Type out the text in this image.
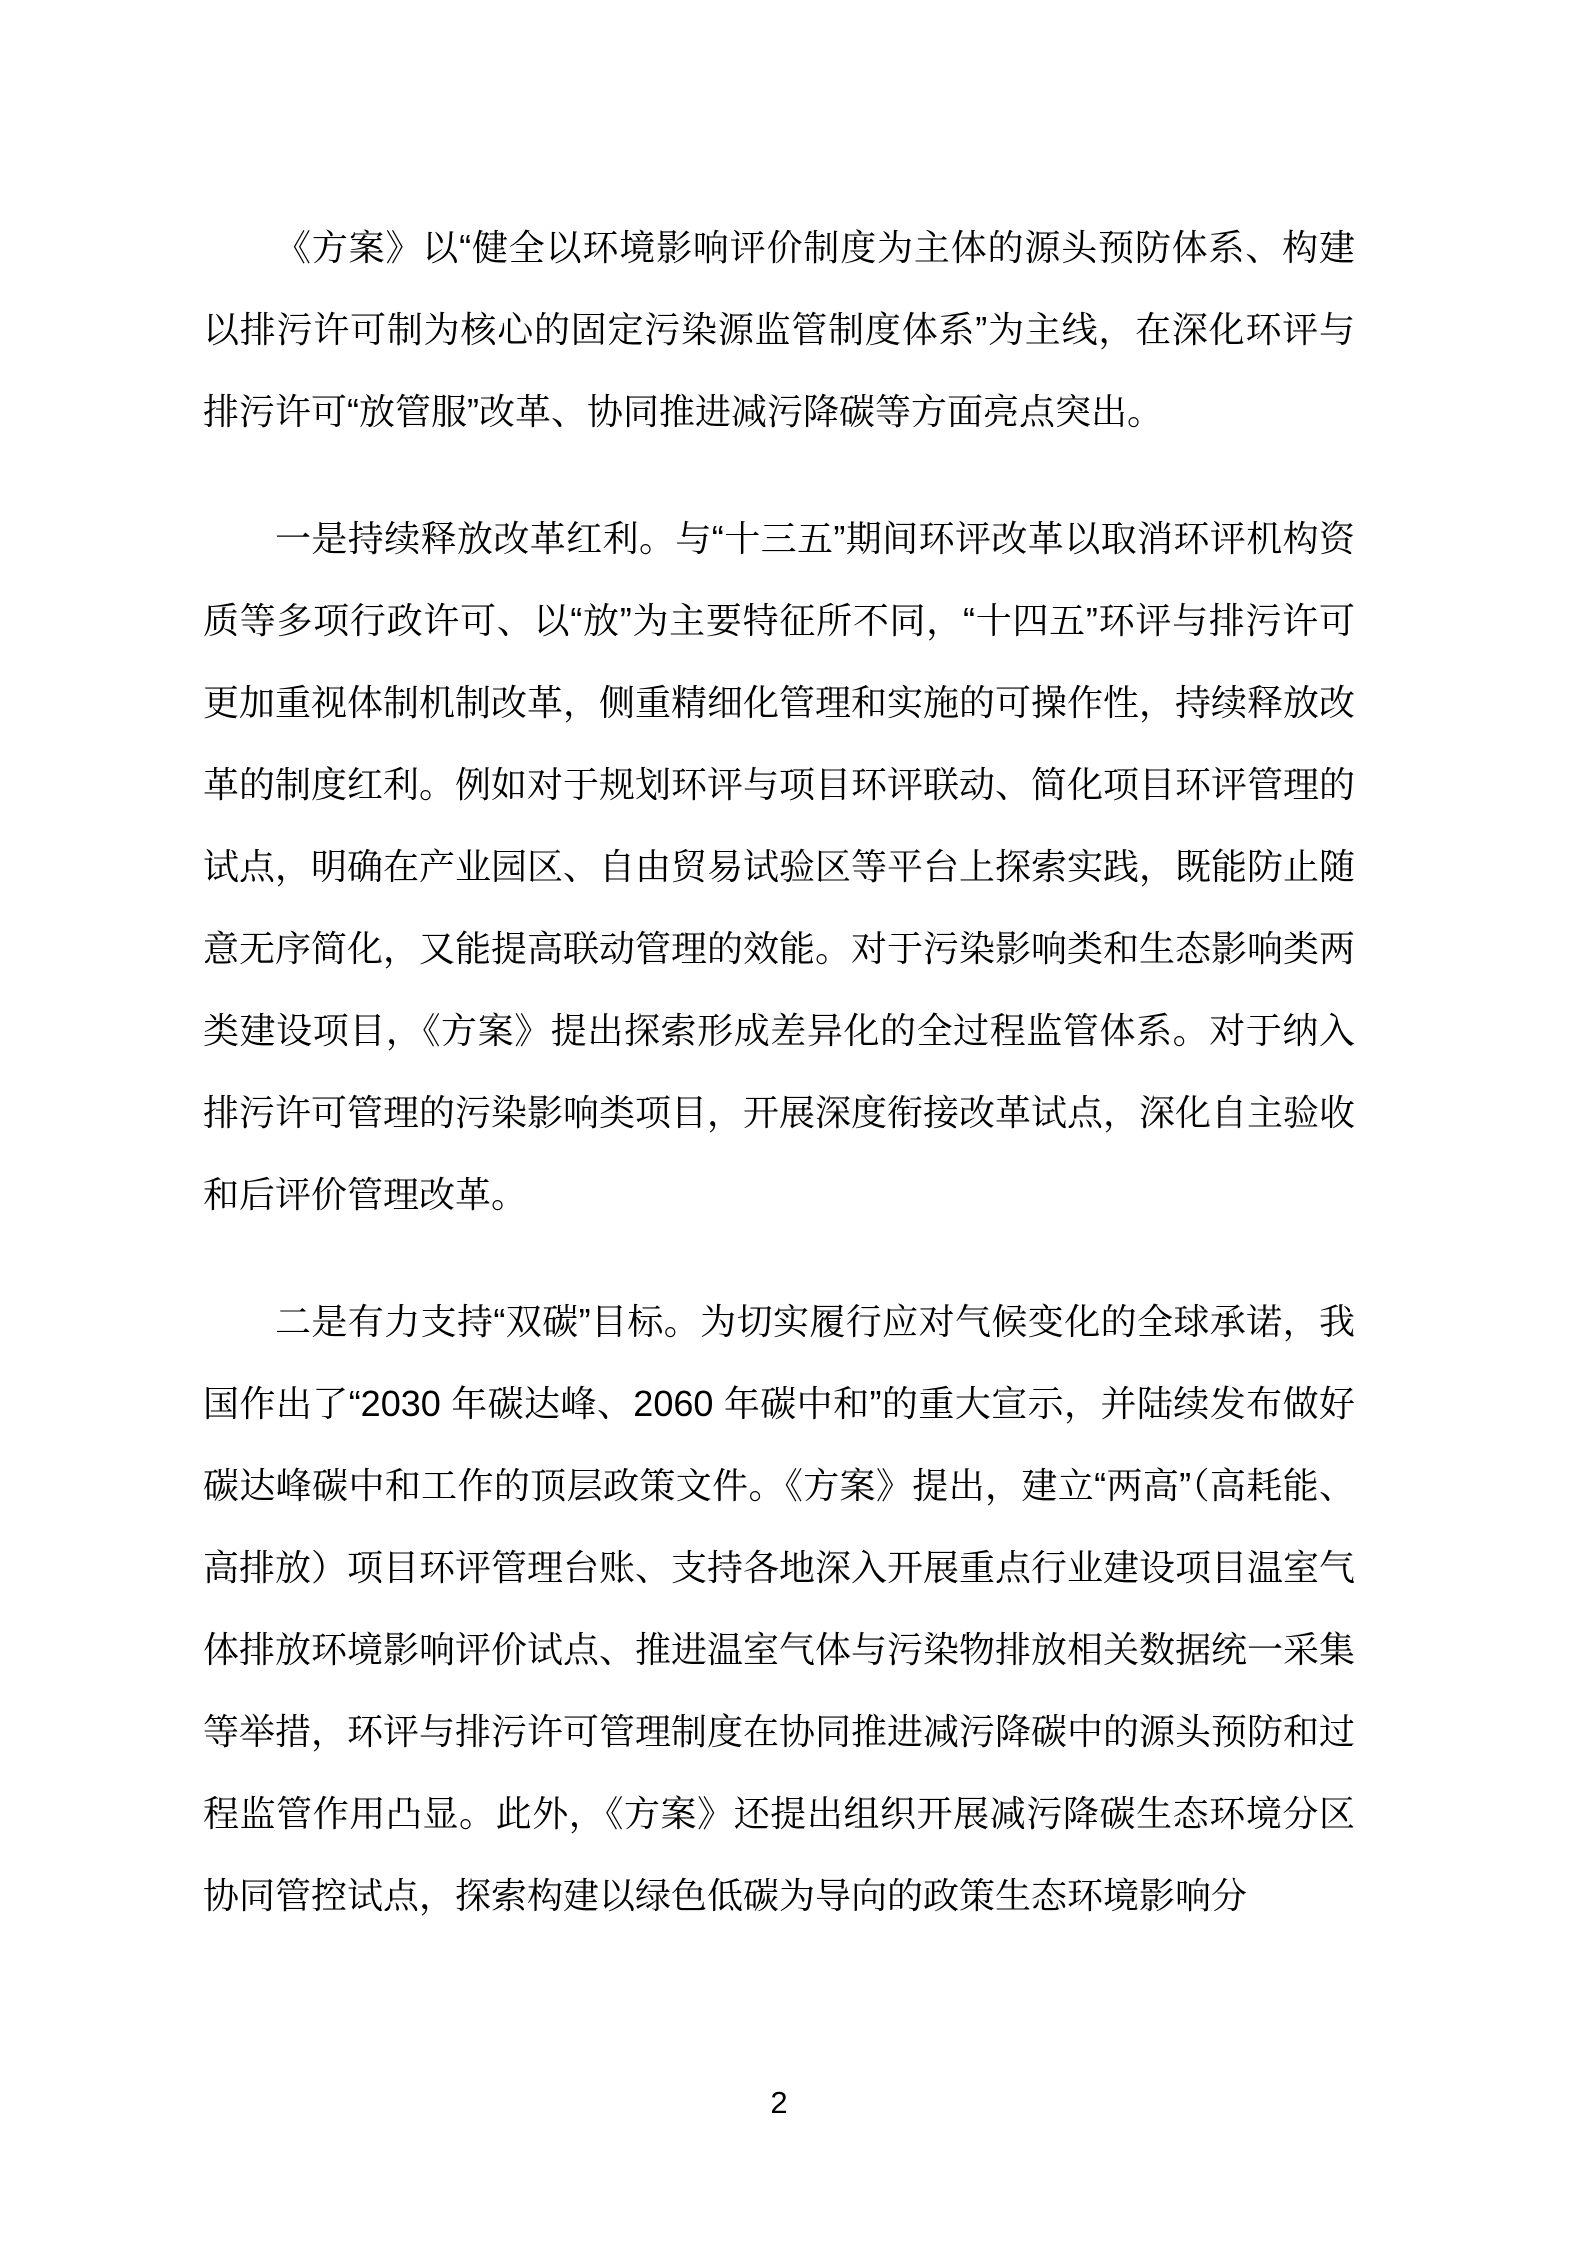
《方案》以“健全以环境影响评价制度为主体的源头预防体系、构建以排污许可制为核心的固定污染源监管制度体系”为主线，在深化环评与排污许可“放管服”改革、协同推进减污降碳等方面亮点突出。

一是持续释放改革红利。与“十三五”期间环评改革以取消环评机构资质等多项行政许可、以“放”为主要特征所不同，“十四五”环评与排污许可更加重视体制机制改革，侧重精细化管理和实施的可操作性，持续释放改革的制度红利。例如对于规划环评与项目环评联动、简化项目环评管理的试点，明确在产业园区、自由贸易试验区等平台上探索实践，既能防止随意无序简化，又能提高联动管理的效能。对于污染影响类和生态影响类两类建设项目，《方案》提出探索形成差异化的全过程监管体系。对于纳入排污许可管理的污染影响类项目，开展深度衔接改革试点，深化自主验收和后评价管理改革。

二是有力支持“双碳”目标。为切实履行应对气候变化的全球承诺，我国作出了“2030 年碳达峰、2060 年碳中和”的重大宣示，并陆续发布做好碳达峰碳中和工作的顶层政策文件。《方案》提出，建立“两高”（高耗能、高排放）项目环评管理台账、支持各地深入开展重点行业建设项目温室气体排放环境影响评价试点、推进温室气体与污染物排放相关数据统一采集等举措，环评与排污许可管理制度在协同推进减污降碳中的源头预防和过程监管作用凸显。此外，《方案》还提出组织开展减污降碳生态环境分区协同管控试点，探索构建以绿色低碳为导向的政策生态环境影响分

2
